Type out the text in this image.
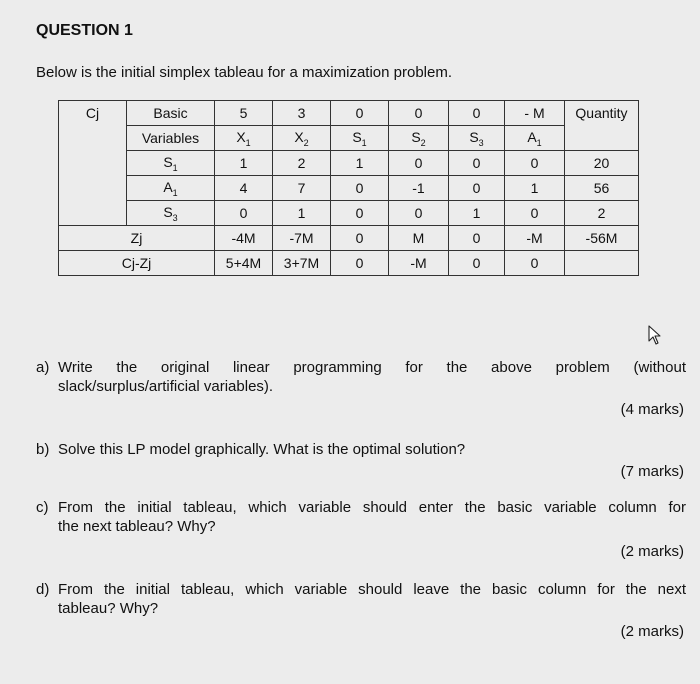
QUESTION 1
Below is the initial simplex tableau for a maximization problem.
Cj	Basic	5	3	0	0	0	- M	Quantity
	Variables	$X_1$	$X_2$	$S_1$	$S_2$	$S_3$	$A_1$	
	$S_1$	1	2	1	0	0	0	20
	$A_1$	4	7	0	-1	0	1	56
	$S_3$	0	1	0	0	1	0	2
Zj		-4M	-7M	0	M	0	-M	-56M
Cj-Zj		5+4M	3+7M	0	-M	0	0	
a) Write the original linear programming for the above problem (without
slack/surplus/artificial variables).
(4 marks)
b) Solve this LP model graphically. What is the optimal solution?
(7 marks)
c) From the initial tableau, which variable should enter the basic variable column for
the next tableau? Why?
(2 marks)
d) From the initial tableau, which variable should leave the basic column for the next
tableau? Why?
(2 marks)
